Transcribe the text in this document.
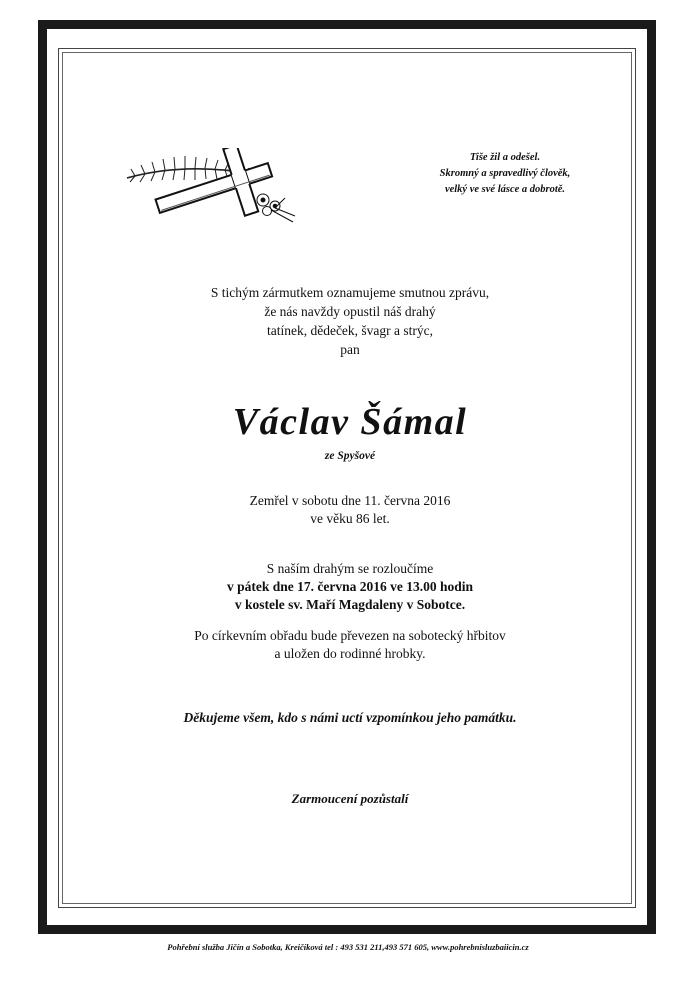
Tiše žil a odešel.
Skromný a spravedlivý člověk,
velký ve své lásce a dobrotě.
S tichým zármutkem oznamujeme smutnou zprávu,
že nás navždy opustil náš drahý
tatínek, dědeček, švagr a strýc,
pan
Václav Šámal
ze Spyšové
Zemřel v sobotu dne 11. června 2016
ve věku 86 let.
S naším drahým se rozloučíme
v pátek dne 17. června 2016 ve 13.00 hodin
v kostele sv. Maří Magdaleny v Sobotce.
Po církevním obřadu bude převezen na sobotecký hřbitov
a uložen do rodinné hrobky.
Děkujeme všem, kdo s námi uctí vzpomínkou jeho památku.
Zarmoucení pozůstalí
Pohřební služba Jičín a Sobotka, Kreičíková tel : 493 531 211,493 571 605, www.pohrebnisluzbaiicin.cz
